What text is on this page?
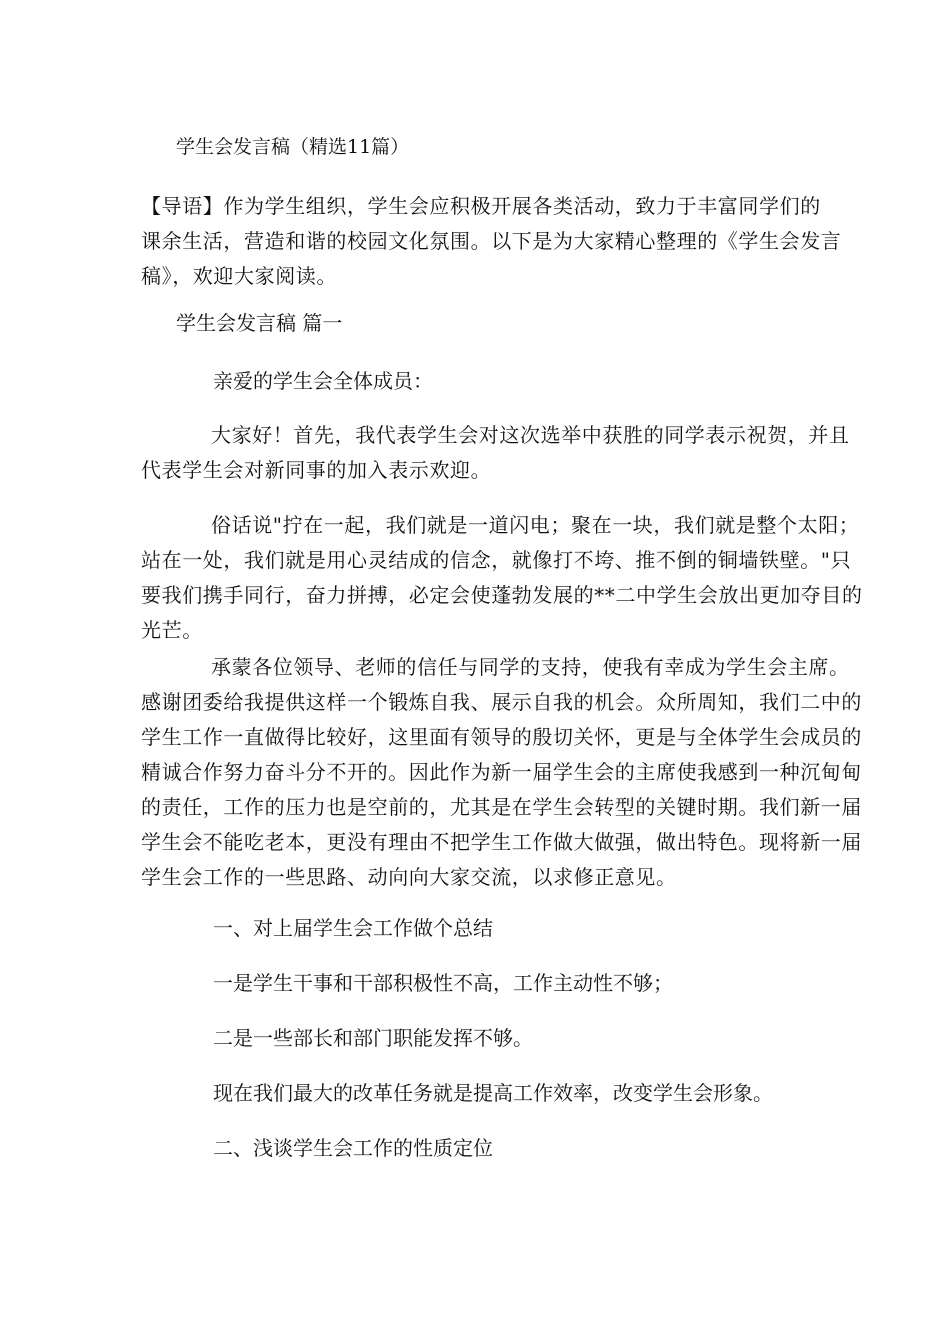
学生会发言稿（精选11篇）

【导语】作为学生组织，学生会应积极开展各类活动，致力于丰富同学们的
课余生活，营造和谐的校园文化氛围。以下是为大家精心整理的《学生会发言
稿》，欢迎大家阅读。

学生会发言稿 篇一

亲爱的学生会全体成员：

大家好！首先，我代表学生会对这次选举中获胜的同学表示祝贺，并且
代表学生会对新同事的加入表示欢迎。
俗话说"拧在一起，我们就是一道闪电；聚在一块，我们就是整个太阳；
站在一处，我们就是用心灵结成的信念，就像打不垮、推不倒的铜墙铁壁。"只
要我们携手同行，奋力拼搏，必定会使蓬勃发展的**二中学生会放出更加夺目的
光芒。
承蒙各位领导、老师的信任与同学的支持，使我有幸成为学生会主席。
感谢团委给我提供这样一个锻炼自我、展示自我的机会。众所周知，我们二中的
学生工作一直做得比较好，这里面有领导的殷切关怀，更是与全体学生会成员的
精诚合作努力奋斗分不开的。因此作为新一届学生会的主席使我感到一种沉甸甸
的责任，工作的压力也是空前的，尤其是在学生会转型的关键时期。我们新一届
学生会不能吃老本，更没有理由不把学生工作做大做强，做出特色。现将新一届
学生会工作的一些思路、动向向大家交流，以求修正意见。

一、对上届学生会工作做个总结

一是学生干事和干部积极性不高，工作主动性不够；

二是一些部长和部门职能发挥不够。

现在我们最大的改革任务就是提高工作效率，改变学生会形象。

二、浅谈学生会工作的性质定位
